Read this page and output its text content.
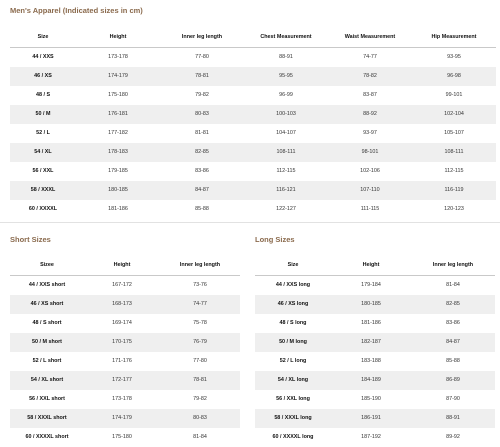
Men's Apparel (Indicated sizes in cm)
Size	Height	Inner leg length	Chest Measurement	Waist Measurement	Hip Measurement
44 / XXS	173-178	77-80	88-91	74-77	93-95
46 / XS	174-179	78-81	95-95	78-82	96-98
48 / S	175-180	79-82	96-99	83-87	99-101
50 / M	176-181	80-83	100-103	88-92	102-104
52 / L	177-182	81-81	104-107	93-97	105-107
54 / XL	178-183	82-85	108-111	98-101	108-111
56 / XXL	179-185	83-86	112-115	102-106	112-115
58 / XXXL	180-185	84-87	116-121	107-110	116-119
60 / XXXXL	181-186	85-88	122-127	111-115	120-123
Short Sizes	Long Sizes
Sizee	Height	Inner leg length
44 / XXS short	167-172	73-76
46 / XS short	168-173	74-77
48 / S short	169-174	75-78
50 / M short	170-175	76-79
52 / L short	171-176	77-80
54 / XL short	172-177	78-81
56 / XXL short	173-178	79-82
58 / XXXL short	174-179	80-83
60 / XXXXL short	175-180	81-84
Size	Height	Inner leg length
44 / XXS long	179-184	81-84
46 / XS long	180-185	82-85
48 / S long	181-186	83-86
50 / M long	182-187	84-87
52 / L long	183-188	85-88
54 / XL long	184-189	86-89
56 / XXL long	185-190	87-90
58 / XXXL long	186-191	88-91
60 / XXXXL long	187-192	89-92
